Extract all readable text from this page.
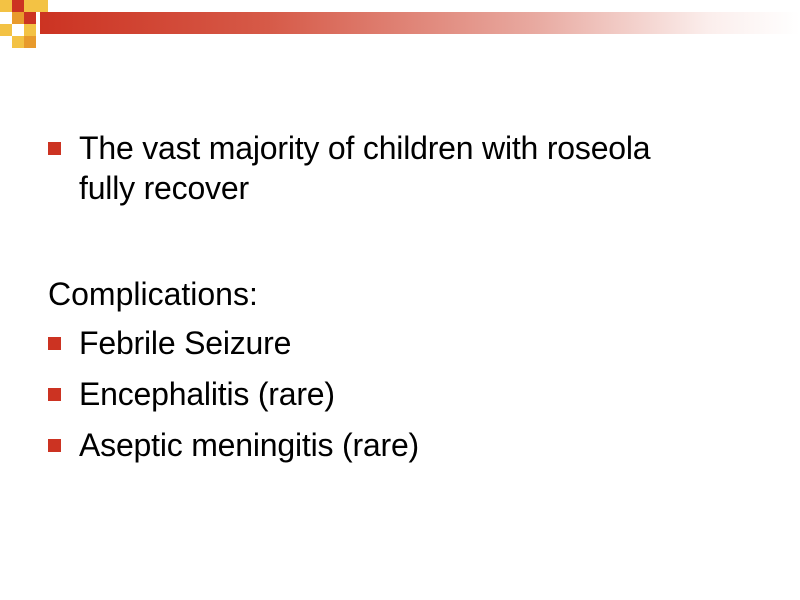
The vast majority of children with roseola
fully recover
Complications:
Febrile Seizure
Encephalitis (rare)
Aseptic meningitis (rare)
